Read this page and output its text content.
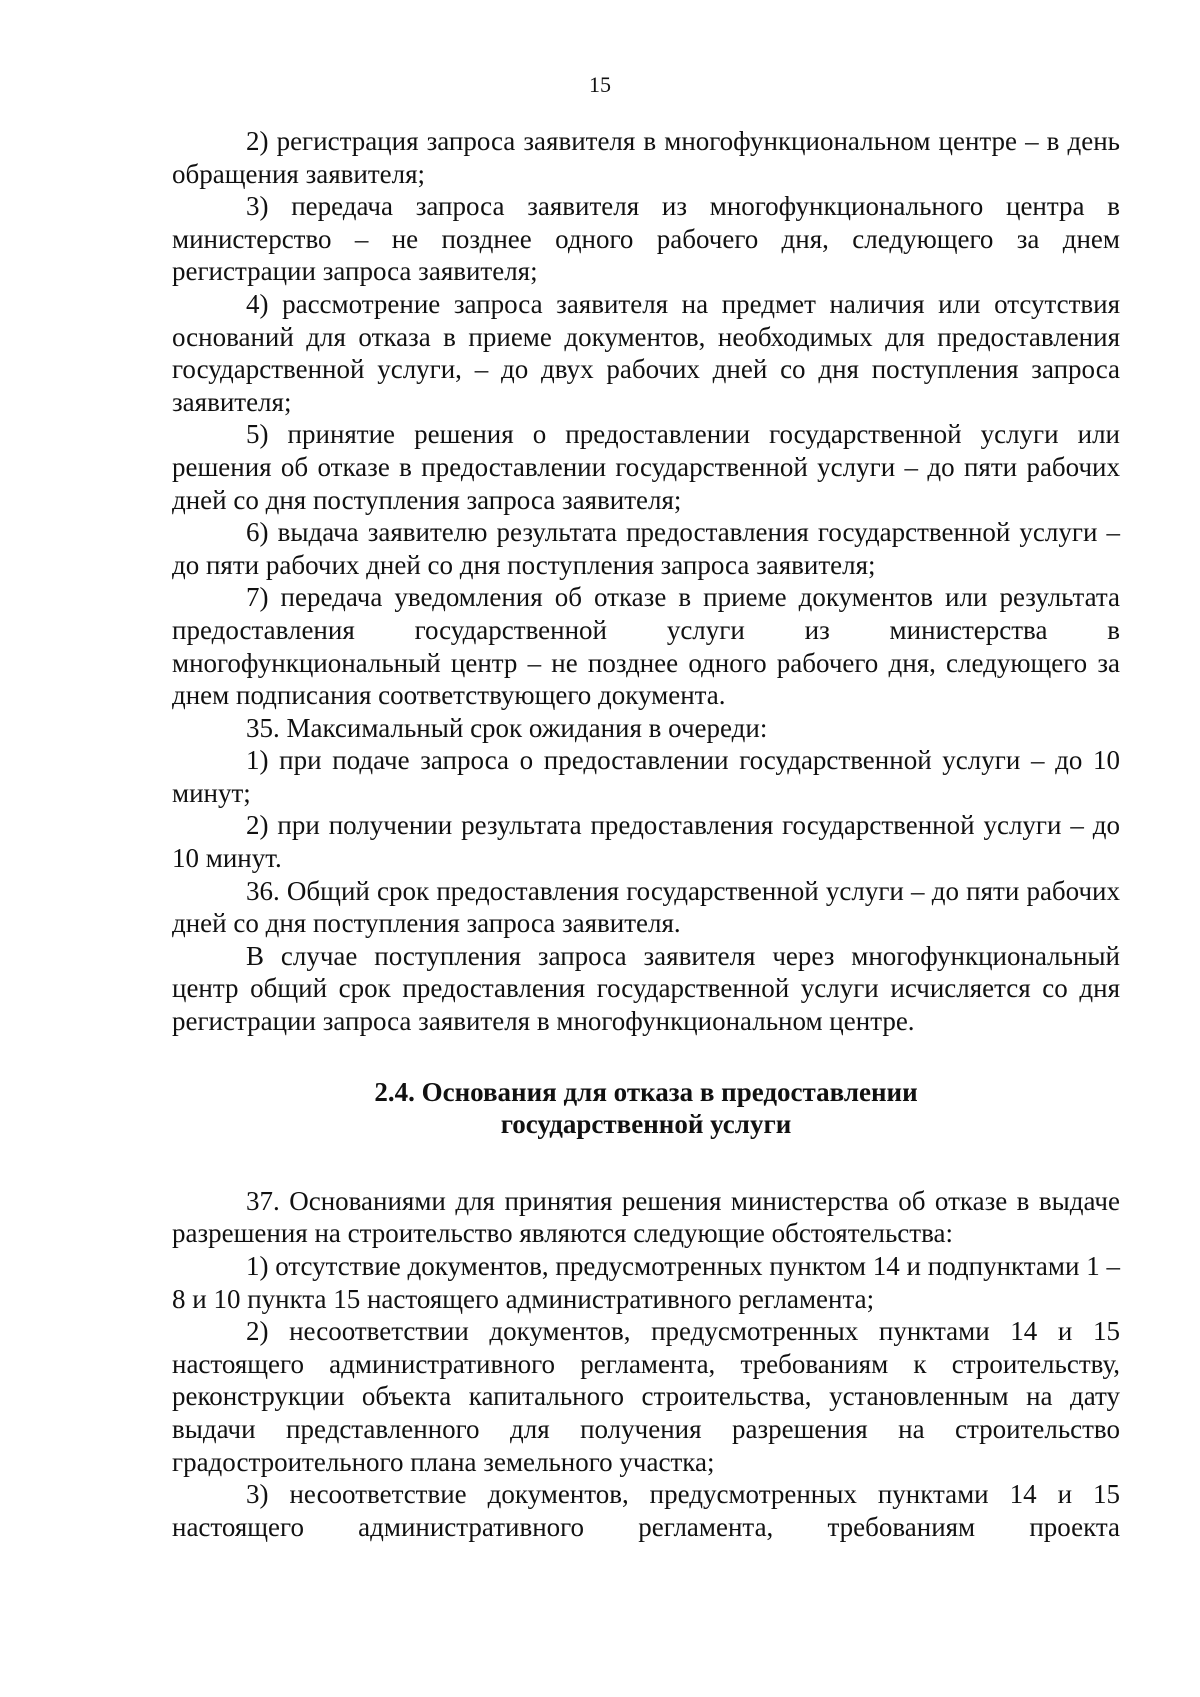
15

2) регистрация запроса заявителя в многофункциональном центре – в день обращения заявителя;

3) передача запроса заявителя из многофункционального центра в министерство – не позднее одного рабочего дня, следующего за днем регистрации запроса заявителя;

4) рассмотрение запроса заявителя на предмет наличия или отсутствия оснований для отказа в приеме документов, необходимых для предоставления государственной услуги, – до двух рабочих дней со дня поступления запроса заявителя;

5) принятие решения о предоставлении государственной услуги или решения об отказе в предоставлении государственной услуги – до пяти рабочих дней со дня поступления запроса заявителя;

6) выдача заявителю результата предоставления государственной услуги – до пяти рабочих дней со дня поступления запроса заявителя;

7) передача уведомления об отказе в приеме документов или результата предоставления государственной услуги из министерства в многофункциональный центр – не позднее одного рабочего дня, следующего за днем подписания соответствующего документа.

35. Максимальный срок ожидания в очереди:

1) при подаче запроса о предоставлении государственной услуги – до 10 минут;

2) при получении результата предоставления государственной услуги – до 10 минут.

36. Общий срок предоставления государственной услуги – до пяти рабочих дней со дня поступления запроса заявителя.

В случае поступления запроса заявителя через многофункциональный центр общий срок предоставления государственной услуги исчисляется со дня регистрации запроса заявителя в многофункциональном центре.

2.4. Основания для отказа в предоставлении
государственной услуги

37. Основаниями для принятия решения министерства об отказе в выдаче разрешения на строительство являются следующие обстоятельства:

1) отсутствие документов, предусмотренных пунктом 14 и подпунктами 1 – 8 и 10 пункта 15 настоящего административного регламента;

2) несоответствии документов, предусмотренных пунктами 14 и 15 настоящего административного регламента, требованиям к строительству, реконструкции объекта капитального строительства, установленным на дату выдачи представленного для получения разрешения на строительство градостроительного плана земельного участка;

3) несоответствие документов, предусмотренных пунктами 14 и 15 настоящего административного регламента, требованиям проекта
